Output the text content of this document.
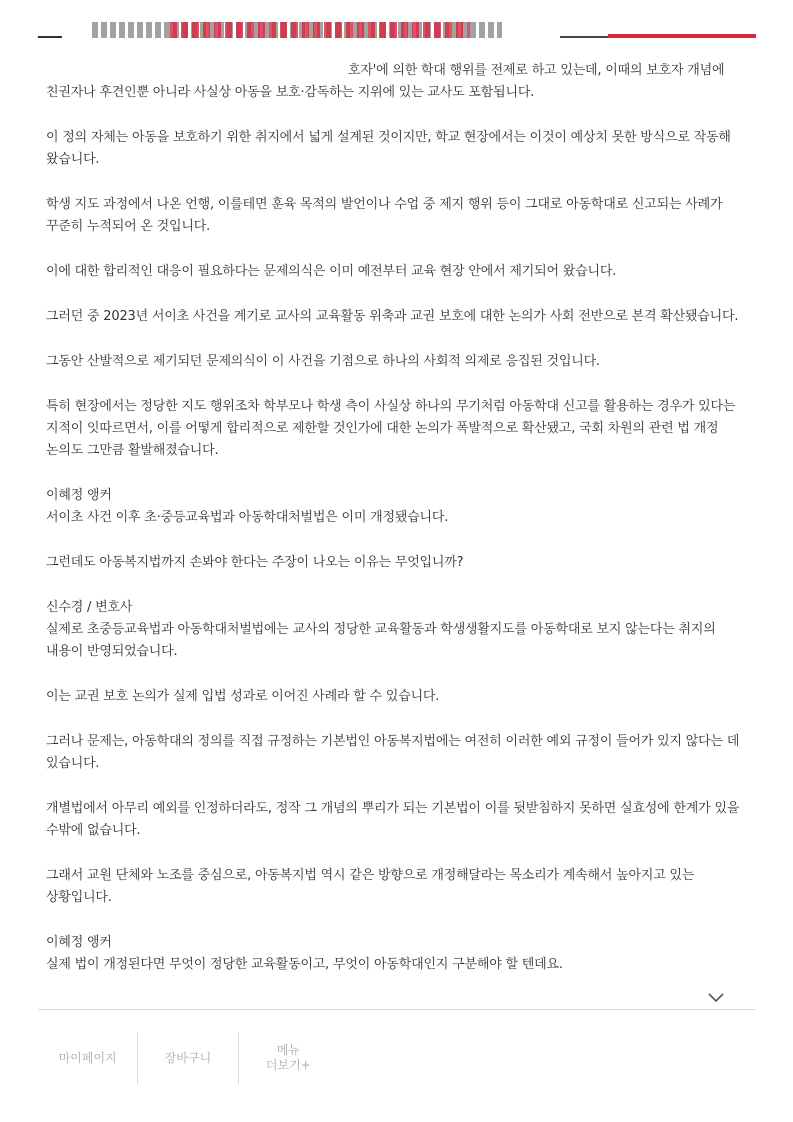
호자'에 의한 학대 행위를 전제로 하고 있는데, 이때의 보호자 개념에 친권자나 후견인뿐 아니라 사실상 아동을 보호·감독하는 지위에 있는 교사도 포함됩니다.

이 정의 자체는 아동을 보호하기 위한 취지에서 넓게 설계된 것이지만, 학교 현장에서는 이것이 예상치 못한 방식으로 작동해 왔습니다.

학생 지도 과정에서 나온 언행, 이를테면 훈육 목적의 발언이나 수업 중 제지 행위 등이 그대로 아동학대로 신고되는 사례가 꾸준히 누적되어 온 것입니다.

이에 대한 합리적인 대응이 필요하다는 문제의식은 이미 예전부터 교육 현장 안에서 제기되어 왔습니다.

그러던 중 2023년 서이초 사건을 계기로 교사의 교육활동 위축과 교권 보호에 대한 논의가 사회 전반으로 본격 확산됐습니다.

그동안 산발적으로 제기되던 문제의식이 이 사건을 기점으로 하나의 사회적 의제로 응집된 것입니다.

특히 현장에서는 정당한 지도 행위조차 학부모나 학생 측이 사실상 하나의 무기처럼 아동학대 신고를 활용하는 경우가 있다는 지적이 잇따르면서, 이를 어떻게 합리적으로 제한할 것인가에 대한 논의가 폭발적으로 확산됐고, 국회 차원의 관련 법 개정 논의도 그만큼 활발해졌습니다.

이혜정 앵커
서이초 사건 이후 초·중등교육법과 아동학대처벌법은 이미 개정됐습니다.

그런데도 아동복지법까지 손봐야 한다는 주장이 나오는 이유는 무엇입니까?

신수경 / 변호사
실제로 초중등교육법과 아동학대처벌법에는 교사의 정당한 교육활동과 학생생활지도를 아동학대로 보지 않는다는 취지의 내용이 반영되었습니다.

이는 교권 보호 논의가 실제 입법 성과로 이어진 사례라 할 수 있습니다.

그러나 문제는, 아동학대의 정의를 직접 규정하는 기본법인 아동복지법에는 여전히 이러한 예외 규정이 들어가 있지 않다는 데 있습니다.

개별법에서 아무리 예외를 인정하더라도, 정작 그 개념의 뿌리가 되는 기본법이 이를 뒷받침하지 못하면 실효성에 한계가 있을 수밖에 없습니다.

그래서 교원 단체와 노조를 중심으로, 아동복지법 역시 같은 방향으로 개정해달라는 목소리가 계속해서 높아지고 있는 상황입니다.

이혜정 앵커
실제 법이 개정된다면 무엇이 정당한 교육활동이고, 무엇이 아동학대인지 구분해야 할 텐데요.

마이페이지	장바구니
메뉴
더보기+
